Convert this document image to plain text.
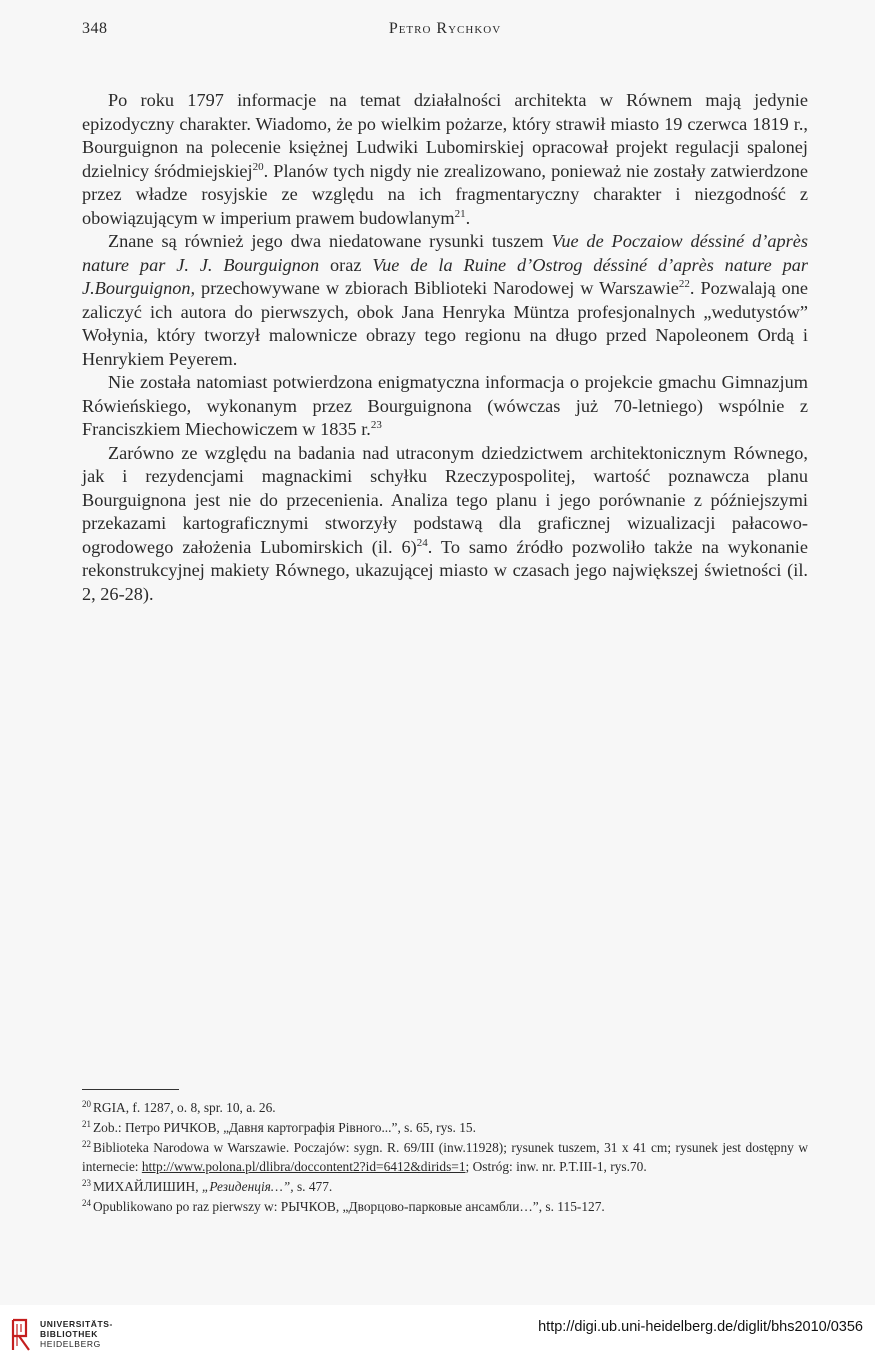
348	Petro Rychkov

Po roku 1797 informacje na temat działalności architekta w Równem mają jedynie epizodyczny charakter. Wiadomo, że po wielkim pożarze, który strawił miasto 19 czerwca 1819 r., Bourguignon na polecenie księżnej Ludwiki Lubomirskiej opracował projekt regulacji spalonej dzielnicy śródmiejskiej$^{20}$. Planów tych nigdy nie zrealizowano, ponieważ nie zostały zatwierdzone przez władze rosyjskie ze względu na ich fragmentaryczny charakter i niezgodność z obowiązującym w imperium prawem budowlanym$^{21}$.

Znane są również jego dwa niedatowane rysunki tuszem Vue de Poczaiow déssiné d’après nature par J. J. Bourguignon oraz Vue de la Ruine d’Ostrog déssiné d’après nature par J.Bourguignon, przechowywane w zbiorach Biblioteki Narodowej w Warszawie$^{22}$. Pozwalają one zaliczyć ich autora do pierwszych, obok Jana Henryka Müntza profesjonalnych „wedutystów” Wołynia, który tworzył malownicze obrazy tego regionu na długo przed Napoleonem Ordą i Henrykiem Peyerem.

Nie została natomiast potwierdzona enigmatyczna informacja o projekcie gmachu Gimnazjum Rówieńskiego, wykonanym przez Bourguignona (wówczas już 70-letniego) wspólnie z Franciszkiem Miechowiczem w 1835 r.$^{23}$

Zarówno ze względu na badania nad utraconym dziedzictwem architektonicznym Równego, jak i rezydencjami magnackimi schyłku Rzeczypospolitej, wartość poznawcza planu Bourguignona jest nie do przecenienia. Analiza tego planu i jego porównanie z późniejszymi przekazami kartograficznymi stworzyły podstawą dla graficznej wizualizacji pałacowo-ogrodowego założenia Lubomirskich (il. 6)$^{24}$. To samo źródło pozwoliło także na wykonanie rekonstrukcyjnej makiety Równego, ukazującej miasto w czasach jego największej świetności (il. 2, 26-28).

$^{20}$ RGIA, f. 1287, o. 8, spr. 10, a. 26.

$^{21}$ Zob.: Петро РИЧКОВ, „Давня картографія Рівного...”, s. 65, rys. 15.

$^{22}$ Biblioteka Narodowa w Warszawie. Poczajów: sygn. R. 69/III (inw.11928); rysunek tuszem, 31 x 41 cm; rysunek jest dostępny w internecie: http://www.polona.pl/dlibra/doccontent2?id=6412&dirids=1; Ostróg: inw. nr. P.T.III-1, rys.70.

$^{23}$ МИХАЙЛИШИН, „Резиденція…”, s. 477.

$^{24}$ Opublikowano po raz pierwszy w: РЫЧКОВ, „Дворцово-парковые ансамбли…”, s. 115-127.

UNIVERSITÄTS-
BIBLIOTHEK
HEIDELBERG
http://digi.ub.uni-heidelberg.de/diglit/bhs2010/0356
